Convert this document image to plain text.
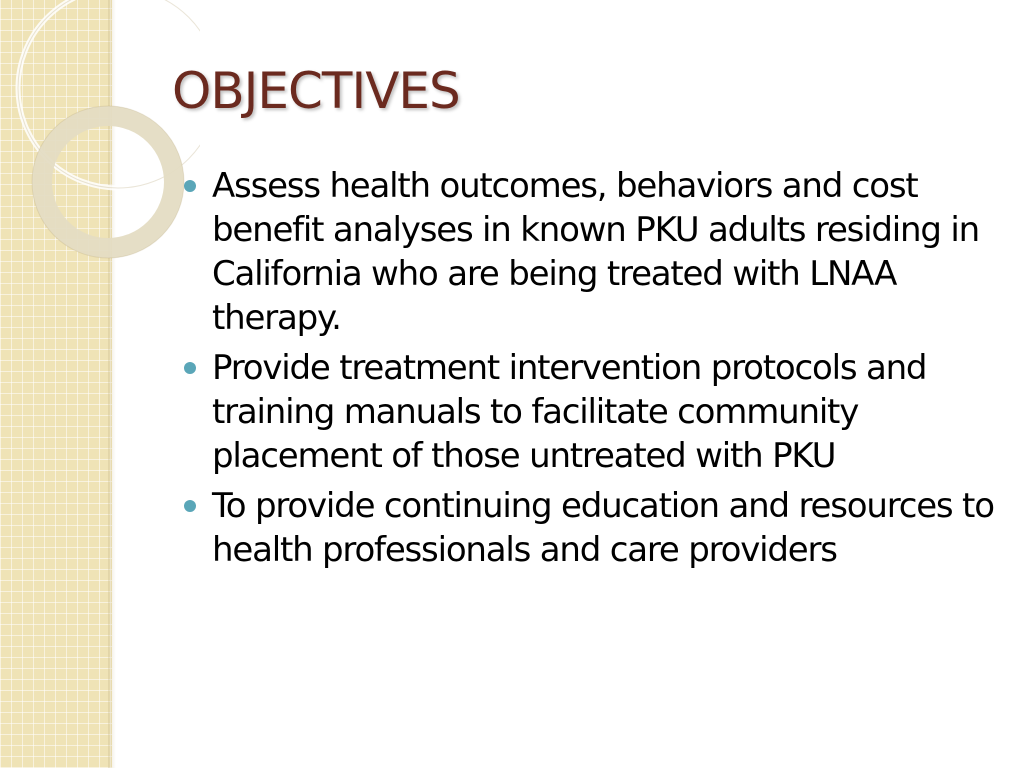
OBJECTIVES
Assess health outcomes, behaviors and cost benefit analyses in known PKU adults residing in California who are being treated with LNAA therapy.
Provide treatment intervention protocols and training manuals to facilitate community placement of those untreated with PKU
To provide continuing education and resources to health professionals and care providers
